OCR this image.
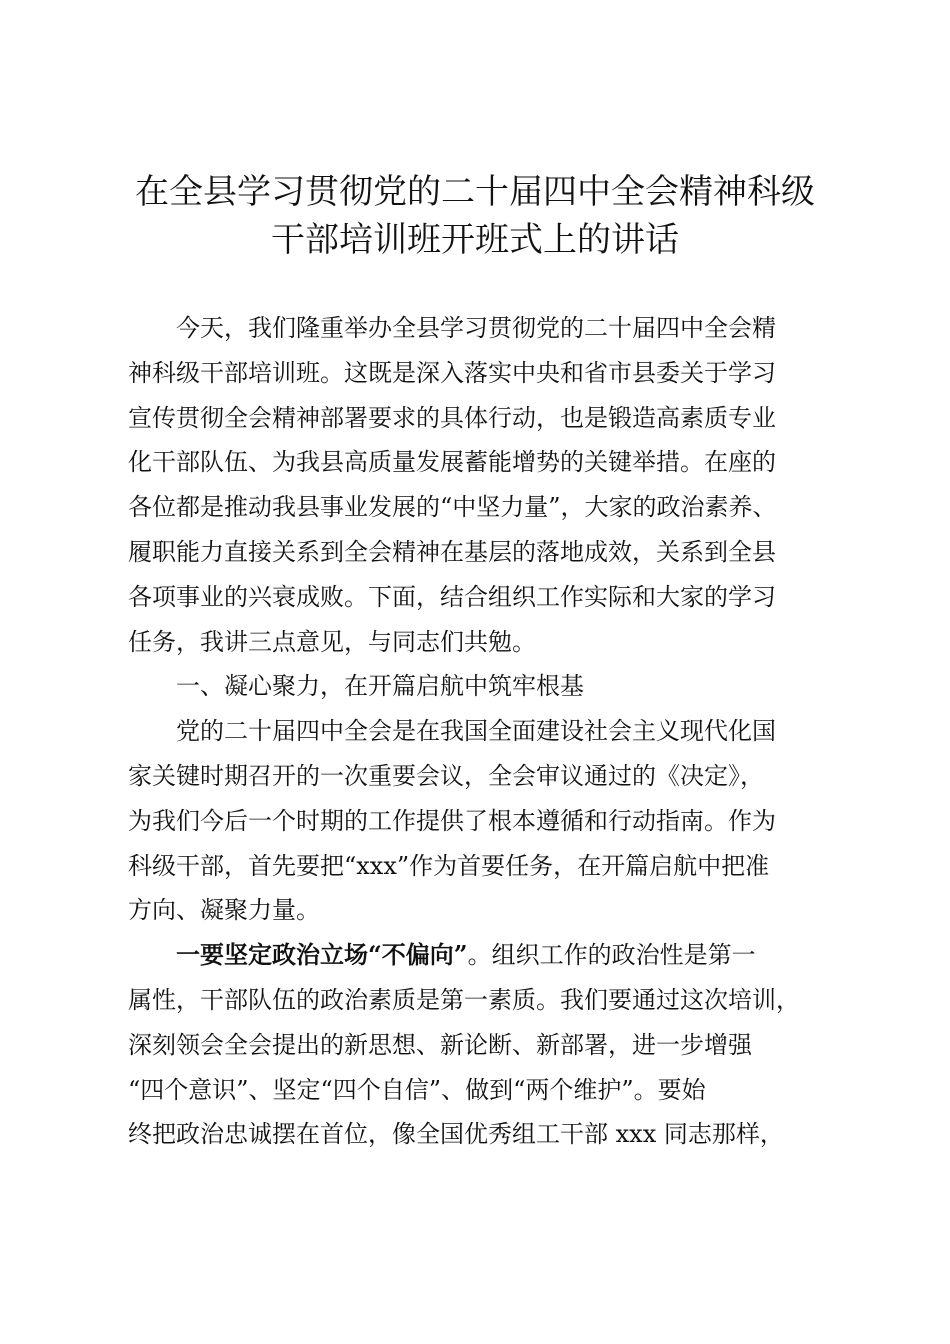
在全县学习贯彻党的二十届四中全会精神科级
干部培训班开班式上的讲话
今天，我们隆重举办全县学习贯彻党的二十届四中全会精
神科级干部培训班。这既是深入落实中央和省市县委关于学习
宣传贯彻全会精神部署要求的具体行动，也是锻造高素质专业
化干部队伍、为我县高质量发展蓄能增势的关键举措。在座的
各位都是推动我县事业发展的“中坚力量”，大家的政治素养、
履职能力直接关系到全会精神在基层的落地成效，关系到全县
各项事业的兴衰成败。下面，结合组织工作实际和大家的学习
任务，我讲三点意见，与同志们共勉。
一、凝心聚力，在开篇启航中筑牢根基
党的二十届四中全会是在我国全面建设社会主义现代化国
家关键时期召开的一次重要会议，全会审议通过的《决定》，
为我们今后一个时期的工作提供了根本遵循和行动指南。作为
科级干部，首先要把“xxx”作为首要任务，在开篇启航中把准
方向、凝聚力量。
一要坚定政治立场“不偏向”。组织工作的政治性是第一
属性，干部队伍的政治素质是第一素质。我们要通过这次培训，
深刻领会全会提出的新思想、新论断、新部署，进一步增强
“四个意识”、坚定“四个自信”、做到“两个维护”。要始
终把政治忠诚摆在首位，像全国优秀组工干部 xxx 同志那样，
